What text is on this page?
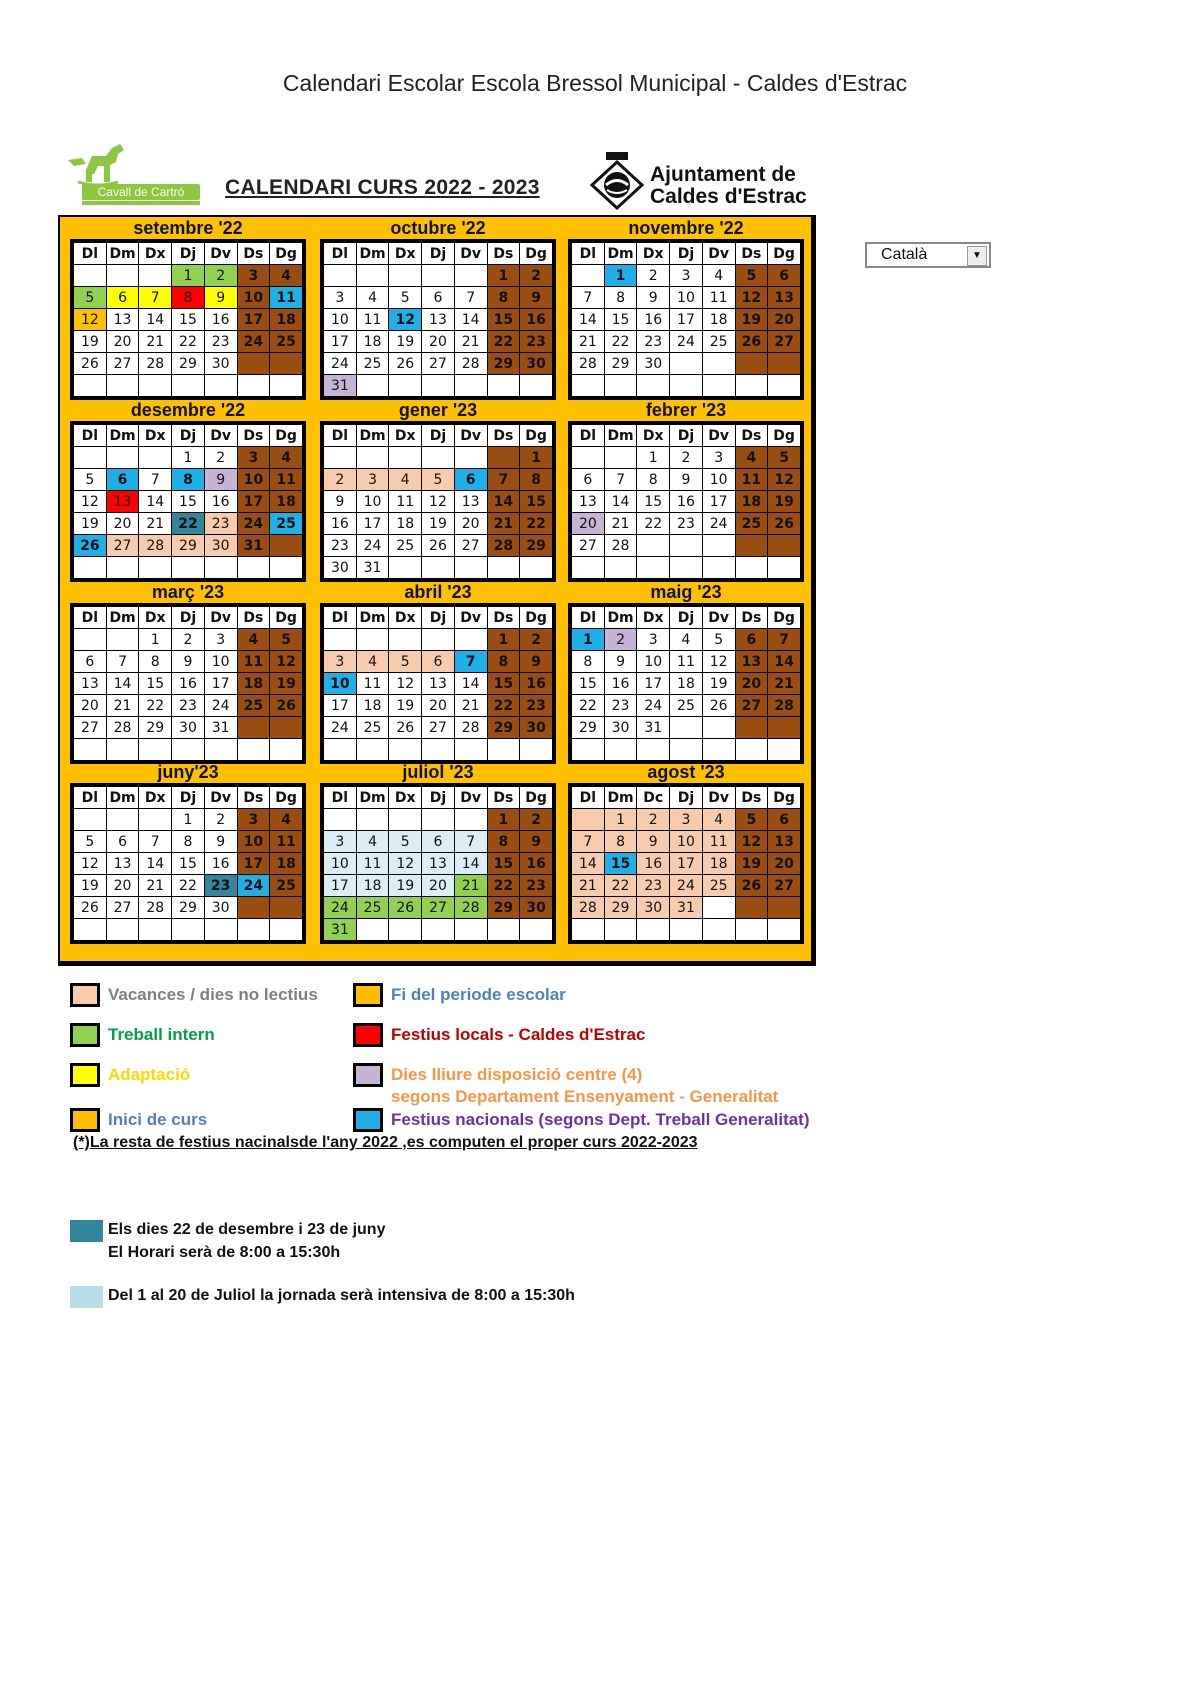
Calendari Escolar Escola Bressol Municipal - Caldes d'Estrac
Cavall de Cartró	CALENDARI CURS 2022 - 2023
Ajuntament de
Caldes d'Estrac
Català	▼
setembre '22
Dl	Dm	Dx	Dj	Dv	Ds	Dg
			1	2	3	4
5	6	7	8	9	10	11
12	13	14	15	16	17	18
19	20	21	22	23	24	25
26	27	28	29	30		

octubre '22
Dl	Dm	Dx	Dj	Dv	Ds	Dg
					1	2
3	4	5	6	7	8	9
10	11	12	13	14	15	16
17	18	19	20	21	22	23
24	25	26	27	28	29	30
31						
novembre '22
Dl	Dm	Dx	Dj	Dv	Ds	Dg
	1	2	3	4	5	6
7	8	9	10	11	12	13
14	15	16	17	18	19	20
21	22	23	24	25	26	27
28	29	30				

desembre '22
Dl	Dm	Dx	Dj	Dv	Ds	Dg
			1	2	3	4
5	6	7	8	9	10	11
12	13	14	15	16	17	18
19	20	21	22	23	24	25
26	27	28	29	30	31	

gener '23
Dl	Dm	Dx	Dj	Dv	Ds	Dg
						1
2	3	4	5	6	7	8
9	10	11	12	13	14	15
16	17	18	19	20	21	22
23	24	25	26	27	28	29
30	31					
febrer '23
Dl	Dm	Dx	Dj	Dv	Ds	Dg
		1	2	3	4	5
6	7	8	9	10	11	12
13	14	15	16	17	18	19
20	21	22	23	24	25	26
27	28					

març '23
Dl	Dm	Dx	Dj	Dv	Ds	Dg
		1	2	3	4	5
6	7	8	9	10	11	12
13	14	15	16	17	18	19
20	21	22	23	24	25	26
27	28	29	30	31		

abril '23
Dl	Dm	Dx	Dj	Dv	Ds	Dg
					1	2
3	4	5	6	7	8	9
10	11	12	13	14	15	16
17	18	19	20	21	22	23
24	25	26	27	28	29	30

maig '23
Dl	Dm	Dx	Dj	Dv	Ds	Dg
1	2	3	4	5	6	7
8	9	10	11	12	13	14
15	16	17	18	19	20	21
22	23	24	25	26	27	28
29	30	31				

juny'23
Dl	Dm	Dx	Dj	Dv	Ds	Dg
			1	2	3	4
5	6	7	8	9	10	11
12	13	14	15	16	17	18
19	20	21	22	23	24	25
26	27	28	29	30		

juliol '23
Dl	Dm	Dx	Dj	Dv	Ds	Dg
					1	2
3	4	5	6	7	8	9
10	11	12	13	14	15	16
17	18	19	20	21	22	23
24	25	26	27	28	29	30
31						
agost '23
Dl	Dm	Dc	Dj	Dv	Ds	Dg
	1	2	3	4	5	6
7	8	9	10	11	12	13
14	15	16	17	18	19	20
21	22	23	24	25	26	27
28	29	30	31			

Vacances / dies no lectius	Fi del periode escolar
Treball intern	Festius locals - Caldes d'Estrac
Adaptació	Dies lliure disposició centre (4)
segons Departament Ensenyament - Generalitat
Inici de curs	Festius nacionals (segons Dept. Treball Generalitat)
(*)La resta de festius nacinalsde l'any 2022 ,es computen el proper curs 2022-2023
Els dies 22 de desembre i 23 de juny
El Horari serà de 8:00 a 15:30h
Del 1 al 20 de Juliol la jornada serà intensiva de 8:00 a 15:30h
